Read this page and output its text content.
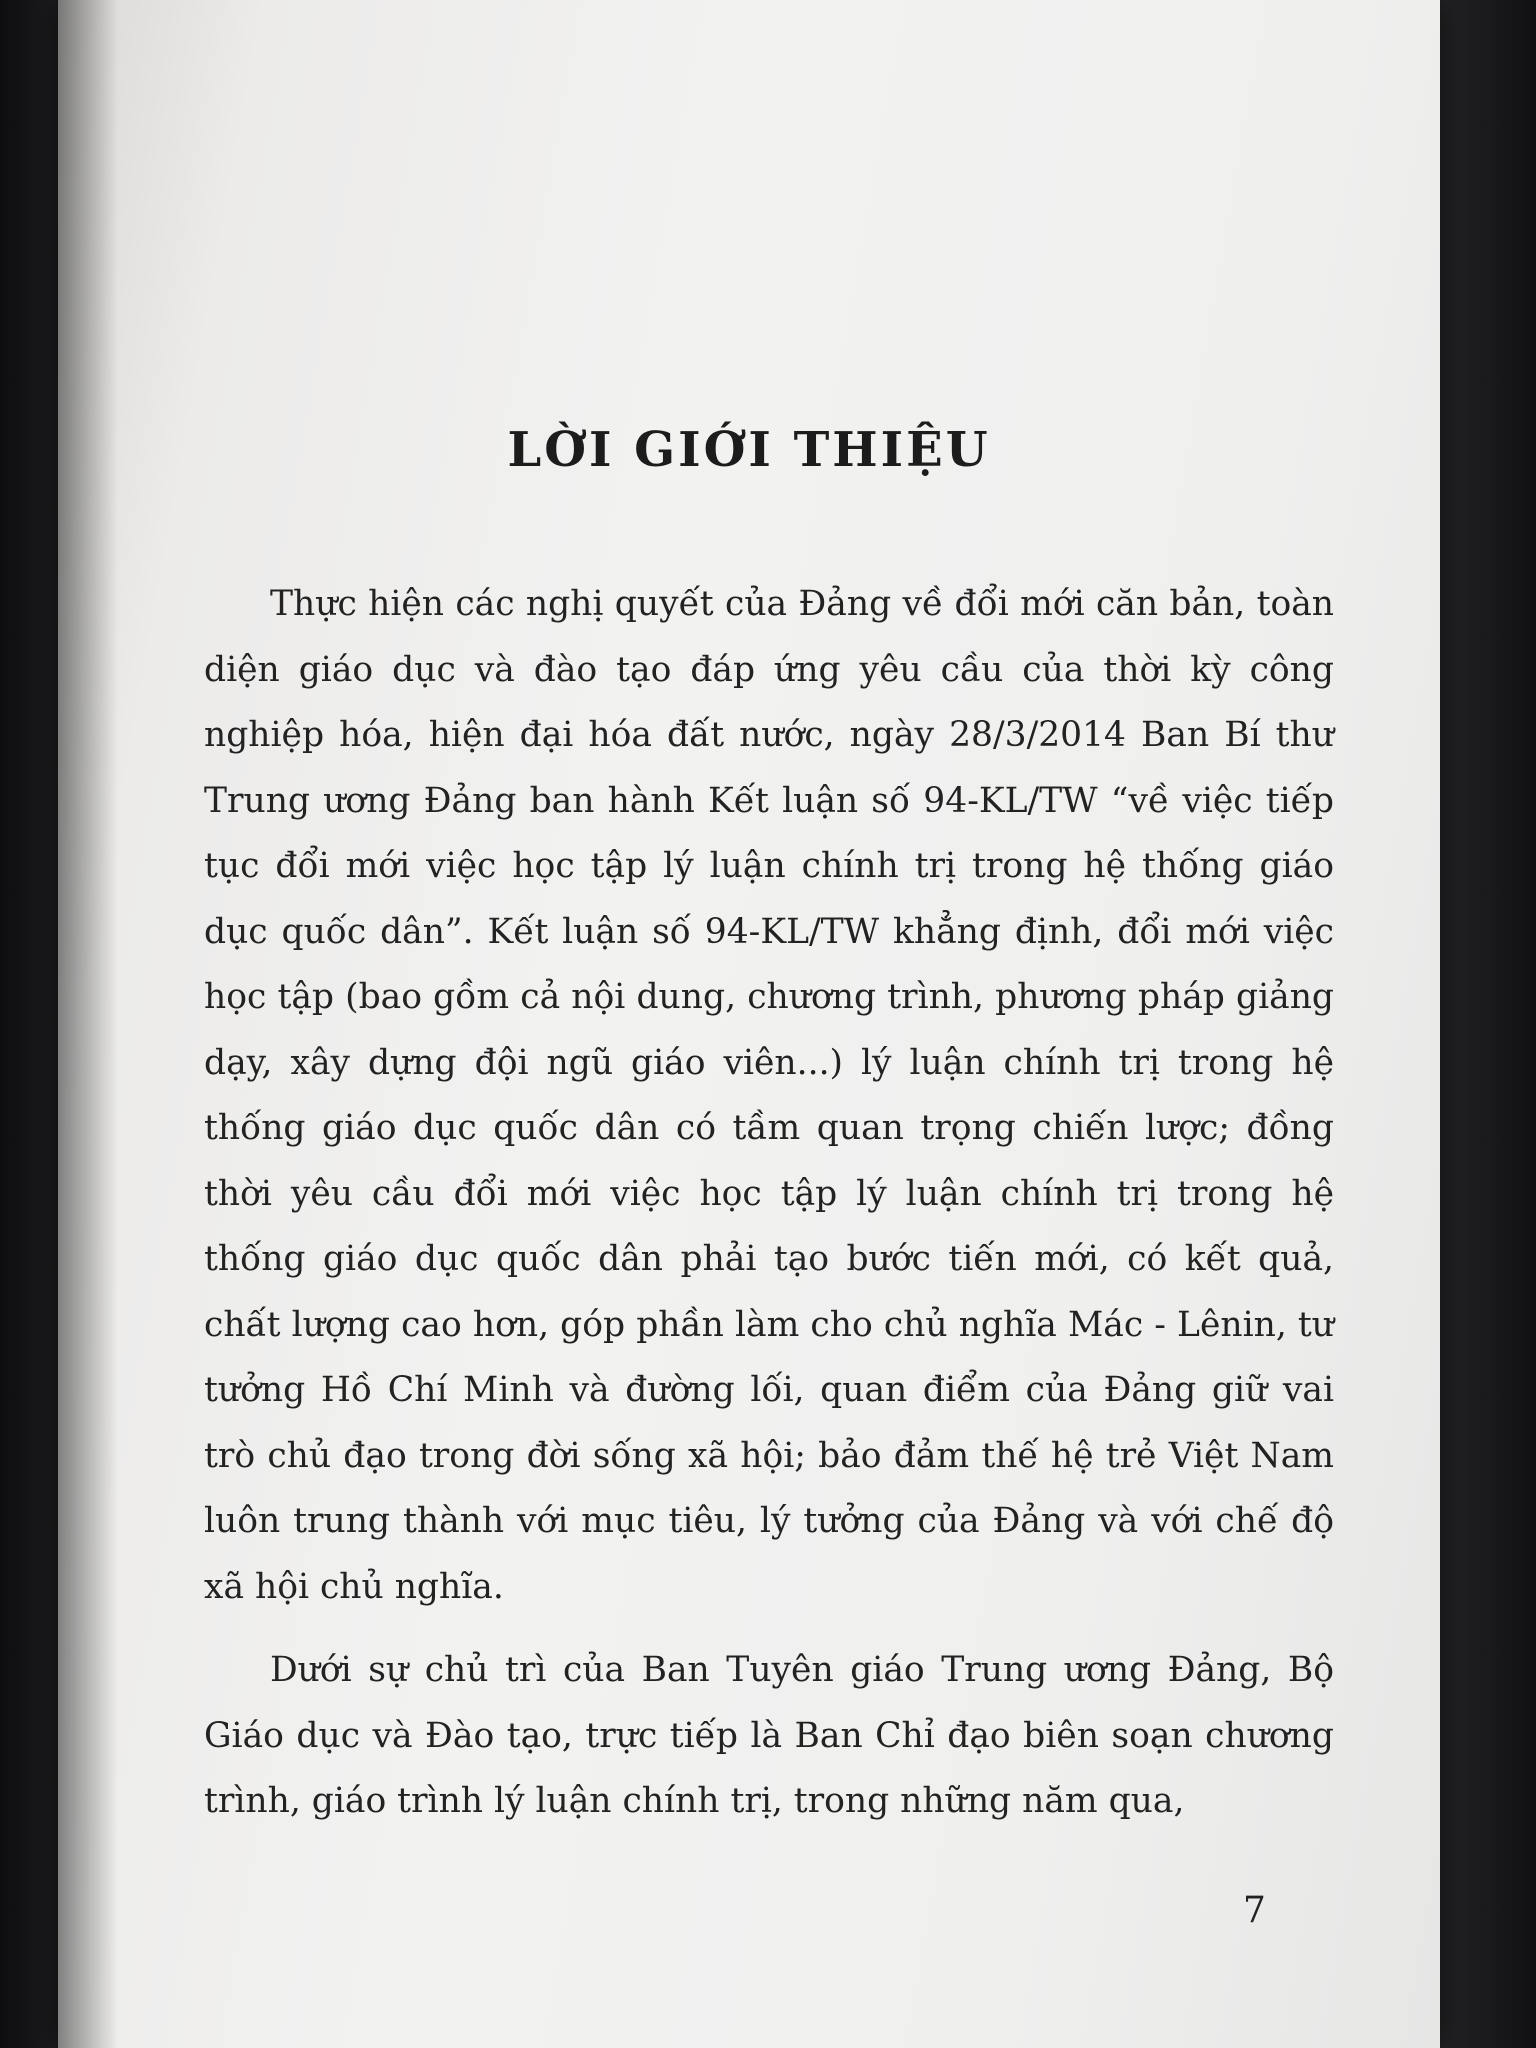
LỜI GIỚI THIỆU

Thực hiện các nghị quyết của Đảng về đổi mới căn bản, toàn diện giáo dục và đào tạo đáp ứng yêu cầu của thời kỳ công nghiệp hóa, hiện đại hóa đất nước, ngày 28/3/2014 Ban Bí thư Trung ương Đảng ban hành Kết luận số 94-KL/TW “về việc tiếp tục đổi mới việc học tập lý luận chính trị trong hệ thống giáo dục quốc dân”. Kết luận số 94-KL/TW khẳng định, đổi mới việc học tập (bao gồm cả nội dung, chương trình, phương pháp giảng dạy, xây dựng đội ngũ giáo viên...) lý luận chính trị trong hệ thống giáo dục quốc dân có tầm quan trọng chiến lược; đồng thời yêu cầu đổi mới việc học tập lý luận chính trị trong hệ thống giáo dục quốc dân phải tạo bước tiến mới, có kết quả, chất lượng cao hơn, góp phần làm cho chủ nghĩa Mác - Lênin, tư tưởng Hồ Chí Minh và đường lối, quan điểm của Đảng giữ vai trò chủ đạo trong đời sống xã hội; bảo đảm thế hệ trẻ Việt Nam luôn trung thành với mục tiêu, lý tưởng của Đảng và với chế độ xã hội chủ nghĩa.

Dưới sự chủ trì của Ban Tuyên giáo Trung ương Đảng, Bộ Giáo dục và Đào tạo, trực tiếp là Ban Chỉ đạo biên soạn chương trình, giáo trình lý luận chính trị, trong những năm qua,

7
